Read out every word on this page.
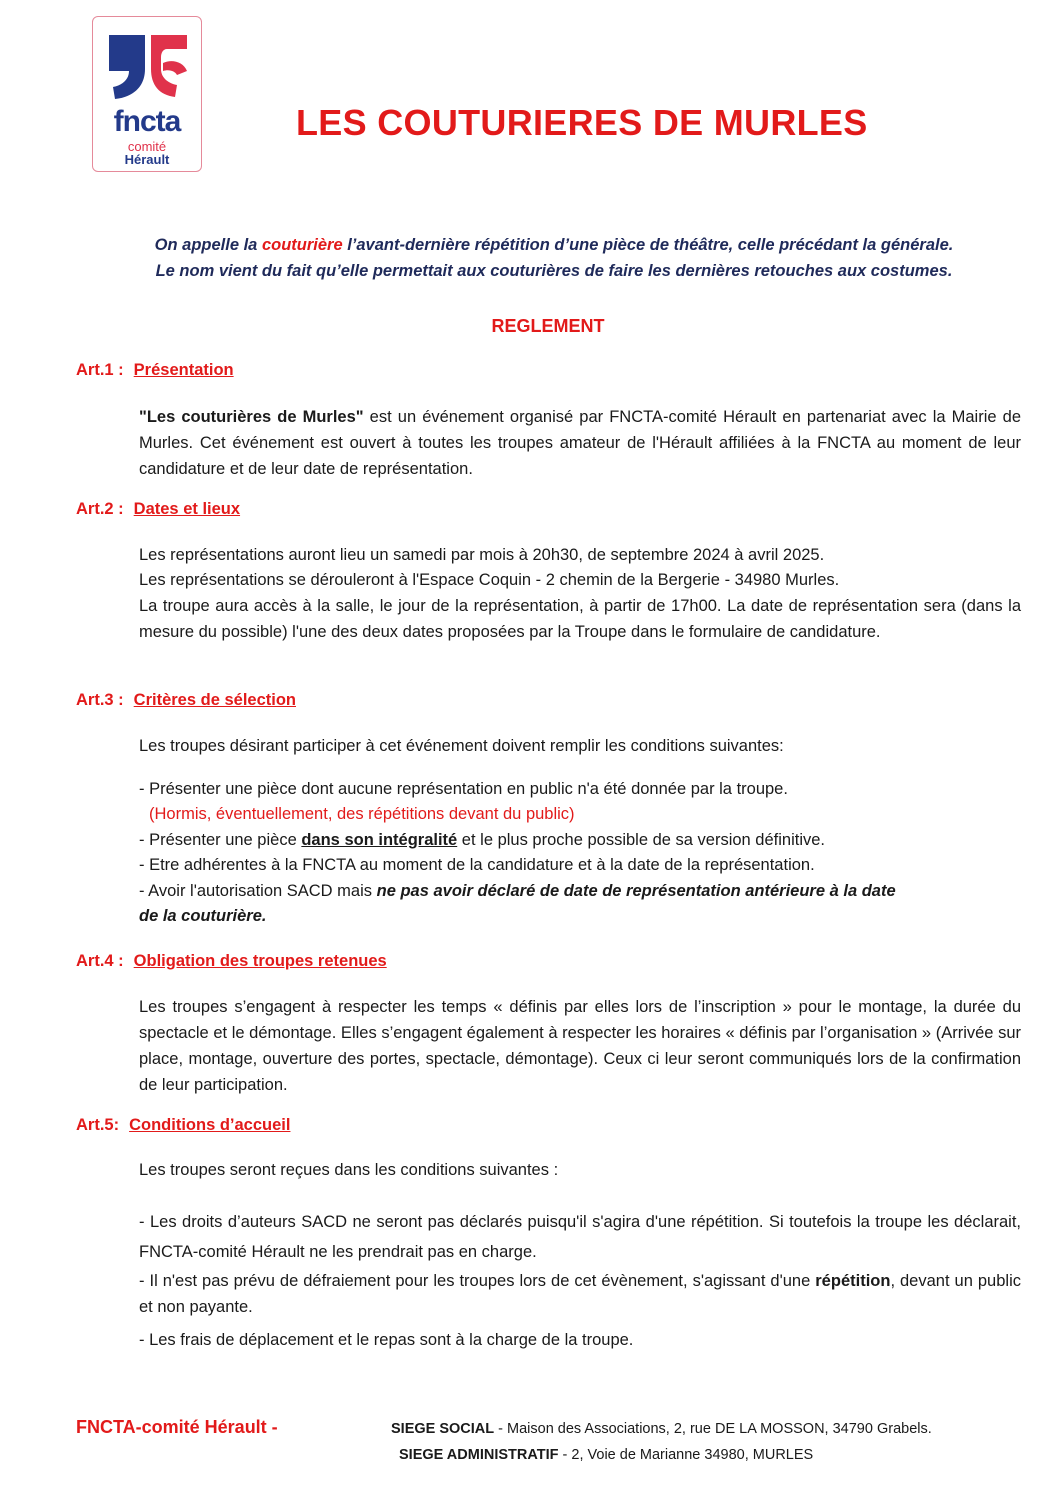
fncta
comité
Hérault
LES COUTURIERES DE MURLES
On appelle la couturière l’avant-dernière répétition d’une pièce de théâtre, celle précédant la générale.
Le nom vient du fait qu’elle permettait aux couturières de faire les dernières retouches aux costumes.
REGLEMENT
Art.1 : Présentation
"Les couturières de Murles" est un événement organisé par FNCTA-comité Hérault en partenariat avec la Mairie de Murles. Cet événement est ouvert à toutes les troupes amateur de l'Hérault affiliées à la FNCTA au moment de leur candidature et de leur date de représentation.
Art.2 : Dates et lieux
Les représentations auront lieu un samedi par mois à 20h30, de septembre 2024 à avril 2025.
Les représentations se dérouleront à l'Espace Coquin - 2 chemin de la Bergerie - 34980 Murles.
La troupe aura accès à la salle, le jour de la représentation, à partir de 17h00. La date de représentation sera (dans la mesure du possible) l'une des deux dates proposées par la Troupe dans le formulaire de candidature.
Art.3 : Critères de sélection
Les troupes désirant participer à cet événement doivent remplir les conditions suivantes:
- Présenter une pièce dont aucune représentation en public n'a été donnée par la troupe.
(Hormis, éventuellement, des répétitions devant du public)
- Présenter une pièce dans son intégralité et le plus proche possible de sa version définitive.
- Etre adhérentes à la FNCTA au moment de la candidature et à la date de la représentation.
- Avoir l'autorisation SACD mais ne pas avoir déclaré de date de représentation antérieure à la date
de la couturière.
Art.4 : Obligation des troupes retenues
Les troupes s’engagent à respecter les temps « définis par elles lors de l’inscription » pour le montage, la durée du spectacle et le démontage. Elles s’engagent également à respecter les horaires « définis par l’organisation » (Arrivée sur place, montage, ouverture des portes, spectacle, démontage). Ceux ci leur seront communiqués lors de la confirmation de leur participation.
Art.5: Conditions d’accueil
Les troupes seront reçues dans les conditions suivantes :
- Les droits d’auteurs SACD ne seront pas déclarés puisqu'il s'agira d'une répétition. Si toutefois la troupe les déclarait, FNCTA-comité Hérault ne les prendrait pas en charge.
- Il n'est pas prévu de défraiement pour les troupes lors de cet évènement, s'agissant d'une répétition, devant un public et non payante.
- Les frais de déplacement et le repas sont à la charge de la troupe.
FNCTA-comité Hérault -	SIEGE SOCIAL - Maison des Associations, 2, rue DE LA MOSSON, 34790 Grabels.
SIEGE ADMINISTRATIF - 2, Voie de Marianne 34980, MURLES
